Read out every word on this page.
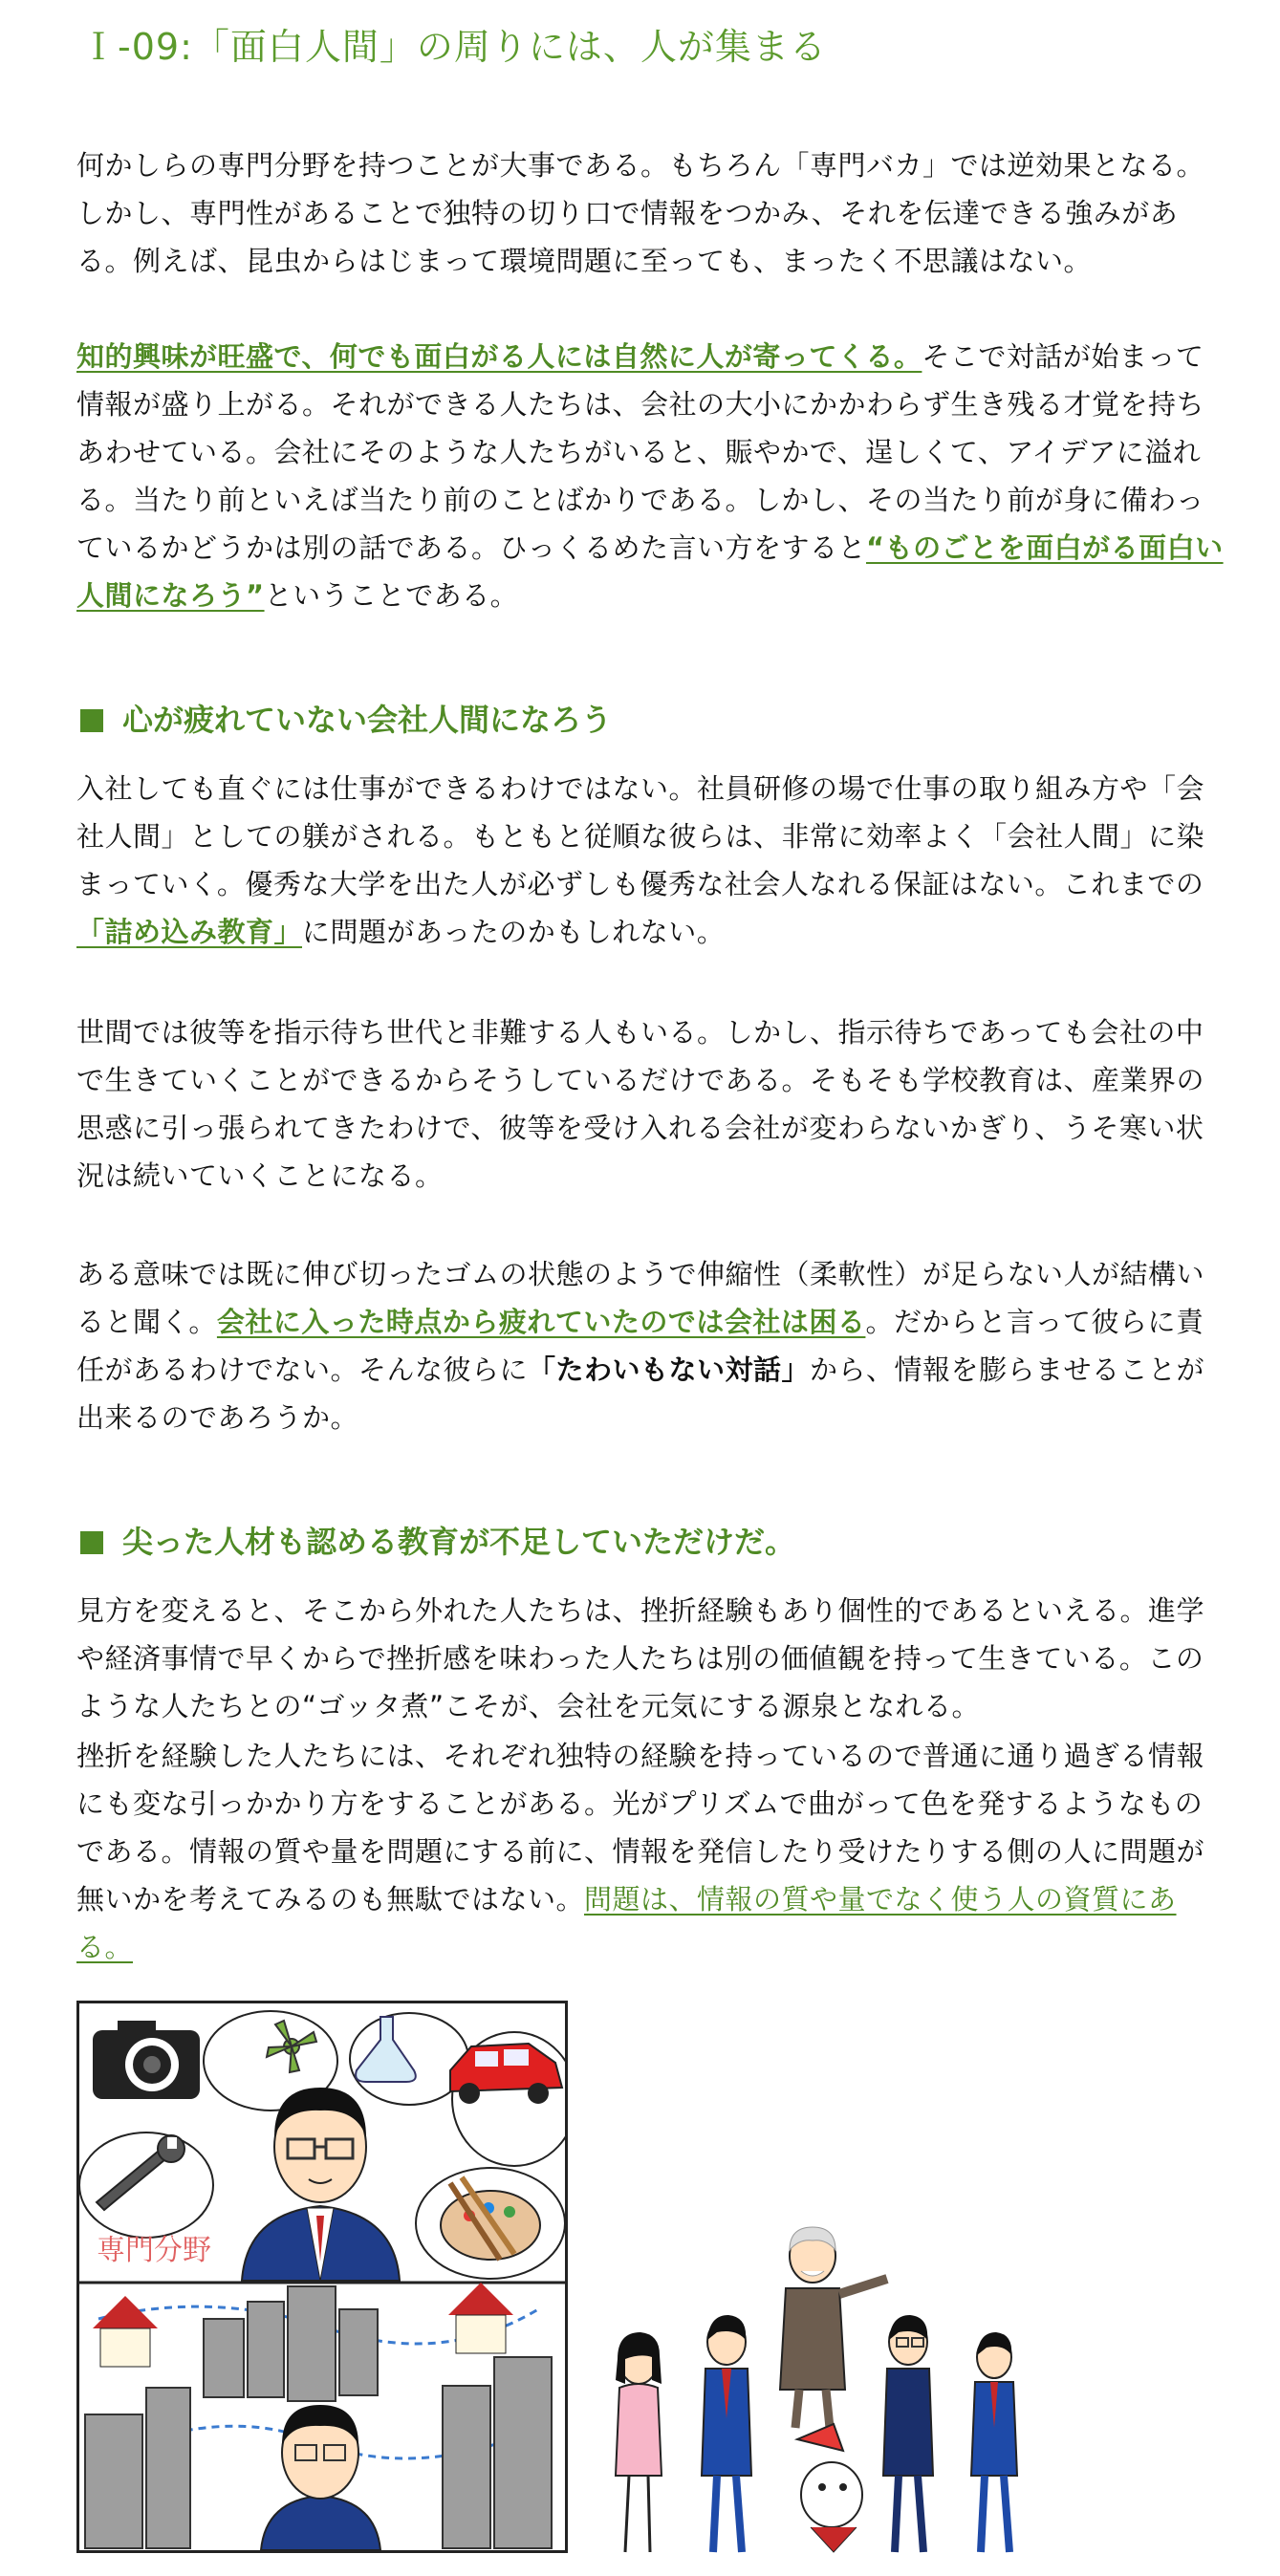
Ｉ-09:「面白人間」の周りには、人が集まる

何かしらの専門分野を持つことが大事である。もちろん「専門バカ」では逆効果となる。しかし、専門性があることで独特の切り口で情報をつかみ、それを伝達できる強みがある。例えば、昆虫からはじまって環境問題に至っても、まったく不思議はない。

知的興味が旺盛で、何でも面白がる人には自然に人が寄ってくる。そこで対話が始まって情報が盛り上がる。それができる人たちは、会社の大小にかかわらず生き残る才覚を持ちあわせている。会社にそのような人たちがいると、賑やかで、逞しくて、アイデアに溢れる。当たり前といえば当たり前のことばかりである。しかし、その当たり前が身に備わっているかどうかは別の話である。ひっくるめた言い方をすると“ものごとを面白がる面白い人間になろう”ということである。

心が疲れていない会社人間になろう

入社しても直ぐには仕事ができるわけではない。社員研修の場で仕事の取り組み方や「会社人間」としての躾がされる。もともと従順な彼らは、非常に効率よく「会社人間」に染まっていく。優秀な大学を出た人が必ずしも優秀な社会人なれる保証はない。これまでの「詰め込み教育」に問題があったのかもしれない。

世間では彼等を指示待ち世代と非難する人もいる。しかし、指示待ちであっても会社の中で生きていくことができるからそうしているだけである。そもそも学校教育は、産業界の思惑に引っ張られてきたわけで、彼等を受け入れる会社が変わらないかぎり、うそ寒い状況は続いていくことになる。

ある意味では既に伸び切ったゴムの状態のようで伸縮性（柔軟性）が足らない人が結構いると聞く。会社に入った時点から疲れていたのでは会社は困る。だからと言って彼らに責任があるわけでない。そんな彼らに「たわいもない対話」から、情報を膨らませることが出来るのであろうか。

尖った人材も認める教育が不足していただけだ。

見方を変えると、そこから外れた人たちは、挫折経験もあり個性的であるといえる。進学や経済事情で早くからで挫折感を味わった人たちは別の価値観を持って生きている。このような人たちとの“ゴッタ煮”こそが、会社を元気にする源泉となれる。

挫折を経験した人たちには、それぞれ独特の経験を持っているので普通に通り過ぎる情報にも変な引っかかり方をすることがある。光がプリズムで曲がって色を発するようなものである。情報の質や量を問題にする前に、情報を発信したり受けたりする側の人に問題が無いかを考えてみるのも無駄ではない。問題は、情報の質や量でなく使う人の資質にある。

専門分野
